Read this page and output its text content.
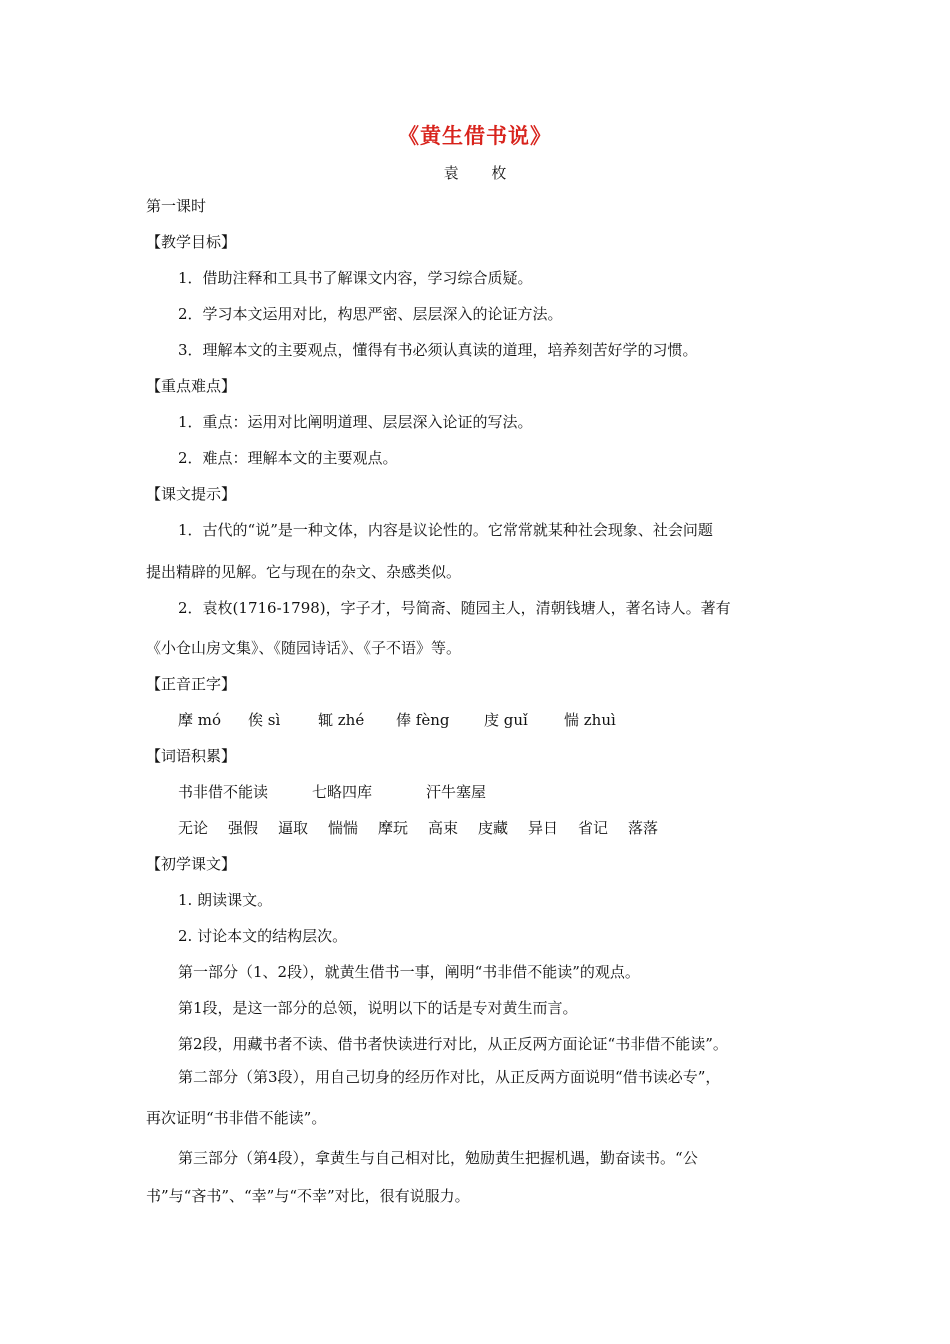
《黄生借书说》
袁 枚
第一课时
【教学目标】
1．借助注释和工具书了解课文内容，学习综合质疑。
2．学习本文运用对比，构思严密、层层深入的论证方法。
3．理解本文的主要观点，懂得有书必须认真读的道理，培养刻苦好学的习惯。
【重点难点】
1．重点：运用对比阐明道理、层层深入论证的写法。
2．难点：理解本文的主要观点。
【课文提示】
1．古代的“说”是一种文体，内容是议论性的。它常常就某种社会现象、社会问题
提出精辟的见解。它与现在的杂文、杂感类似。
2．袁枚(1716-1798)，字子才，号简斋、随园主人，清朝钱塘人，著名诗人。著有
《小仓山房文集》、《随园诗话》、《子不语》等。
【正音正字】
摩 mó 俟 sì	辄 zhé 俸 fèng 庋 guǐ 惴 zhuì
【词语积累】
书非借不能读	七略四库	汗牛塞屋
无论 强假 逼取 惴惴 摩玩 高束 庋藏 异日 省记 落落
【初学课文】
1. 朗读课文。
2. 讨论本文的结构层次。
第一部分（1、2段），就黄生借书一事，阐明“书非借不能读”的观点。
第1段，是这一部分的总领，说明以下的话是专对黄生而言。
第2段，用藏书者不读、借书者快读进行对比，从正反两方面论证“书非借不能读”。
第二部分（第3段），用自己切身的经历作对比，从正反两方面说明“借书读必专”，
再次证明“书非借不能读”。
第三部分（第4段），拿黄生与自己相对比，勉励黄生把握机遇，勤奋读书。“公
书”与“吝书”、“幸”与“不幸”对比，很有说服力。
